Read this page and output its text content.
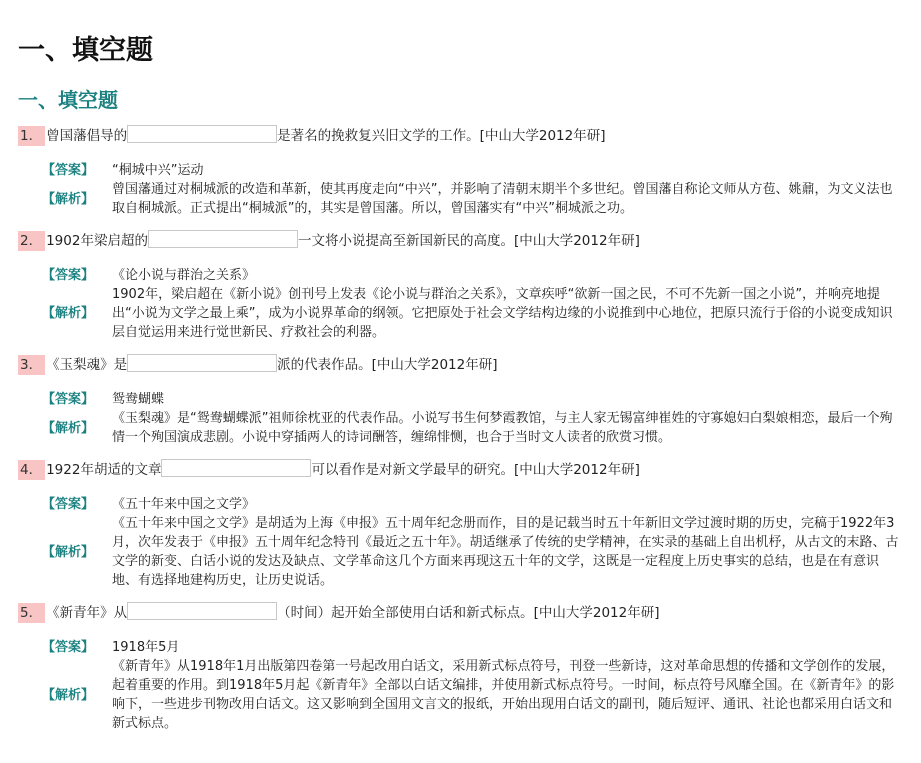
一、填空题
一、填空题
1． 曾国藩倡导的	是著名的挽救复兴旧文学的工作。[中山大学2012年研]
【答案】	“桐城中兴”运动
【解析】
曾国藩通过对桐城派的改造和革新，使其再度走向“中兴”，并影响了清朝末期半个多世纪。曾国藩自称论文师从方苞、姚鼐，为文义法也取自桐城派。正式提出“桐城派”的，其实是曾国藩。所以，曾国藩实有“中兴”桐城派之功。
2． 1902年梁启超的	一文将小说提高至新国新民的高度。[中山大学2012年研]
【答案】	《论小说与群治之关系》
【解析】
1902年，梁启超在《新小说》创刊号上发表《论小说与群治之关系》，文章疾呼“欲新一国之民，不可不先新一国之小说”，并响亮地提出“小说为文学之最上乘”，成为小说界革命的纲领。它把原处于社会文学结构边缘的小说推到中心地位，把原只流行于俗的小说变成知识层自觉运用来进行觉世新民、疗救社会的利器。
3． 《玉梨魂》是	派的代表作品。[中山大学2012年研]
【答案】	鸳鸯蝴蝶
【解析】
《玉梨魂》是“鸳鸯蝴蝶派”祖师徐枕亚的代表作品。小说写书生何梦霞教馆，与主人家无锡富绅崔姓的守寡媳妇白梨娘相恋，最后一个殉情一个殉国演成悲剧。小说中穿插两人的诗词酬答，缠绵悱恻，也合于当时文人读者的欣赏习惯。
4． 1922年胡适的文章	可以看作是对新文学最早的研究。[中山大学2012年研]
【答案】	《五十年来中国之文学》
【解析】
《五十年来中国之文学》是胡适为上海《申报》五十周年纪念册而作，目的是记载当时五十年新旧文学过渡时期的历史，完稿于1922年3月，次年发表于《申报》五十周年纪念特刊《最近之五十年》。胡适继承了传统的史学精神，在实录的基础上自出机杼，从古文的末路、古文学的新变、白话小说的发达及缺点、文学革命这几个方面来再现这五十年的文学，这既是一定程度上历史事实的总结，也是在有意识地、有选择地建构历史，让历史说话。
5． 《新青年》从	（时间）起开始全部使用白话和新式标点。[中山大学2012年研]
【答案】	1918年5月
【解析】
《新青年》从1918年1月出版第四卷第一号起改用白话文，采用新式标点符号，刊登一些新诗，这对革命思想的传播和文学创作的发展，起着重要的作用。到1918年5月起《新青年》全部以白话文编排，并使用新式标点符号。一时间，标点符号风靡全国。在《新青年》的影响下，一些进步刊物改用白话文。这又影响到全国用文言文的报纸，开始出现用白话文的副刊，随后短评、通讯、社论也都采用白话文和新式标点。
